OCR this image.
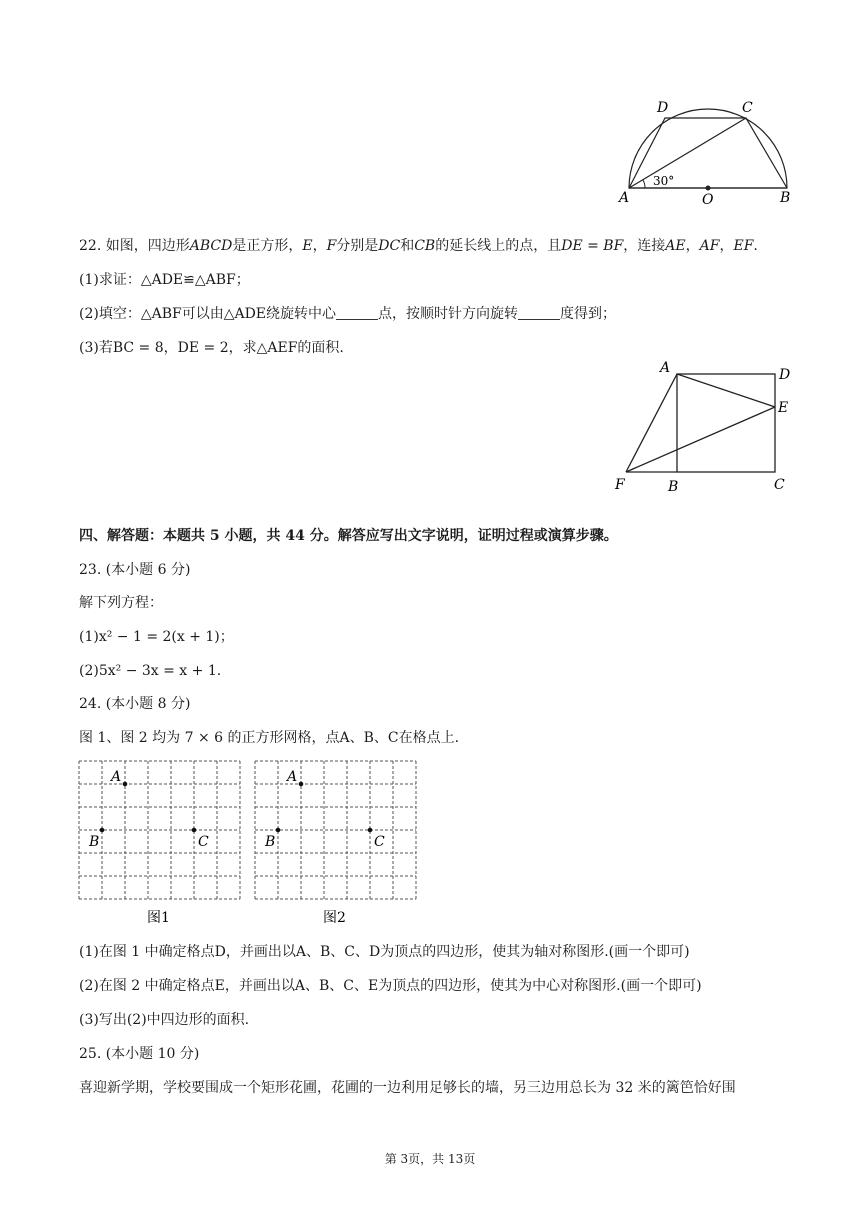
A	B
C
D
O
30°
22. 如图，四边形ABCD是正方形，E，F分别是DC和CB的延长线上的点，且DE = BF，连接AE，AF，EF.
(1)求证：△ADE≌△ABF；
(2)填空：△ABF可以由△ADE绕旋转中心	点，按顺时针方向旋转	度得到；
(3)若BC = 8，DE = 2，求△AEF的面积.
A	D
E
F	B	C
四、解答题：本题共 5 小题，共 44 分。解答应写出文字说明，证明过程或演算步骤。
23. (本小题 6 分)
解下列方程：
(1)x² − 1 = 2(x + 1)；
(2)5x² − 3x = x + 1.
24. (本小题 8 分)
图 1、图 2 均为 7 × 6 的正方形网格，点A、B、C在格点上.
A
B	C
A
B	C
图1	图2
(1)在图 1 中确定格点D，并画出以A、B、C、D为顶点的四边形，使其为轴对称图形.(画一个即可)
(2)在图 2 中确定格点E，并画出以A、B、C、E为顶点的四边形，使其为中心对称图形.(画一个即可)
(3)写出(2)中四边形的面积.
25. (本小题 10 分)
喜迎新学期，学校要围成一个矩形花圃，花圃的一边利用足够长的墙，另三边用总长为 32 米的篱笆恰好围
第 3页，共 13页
